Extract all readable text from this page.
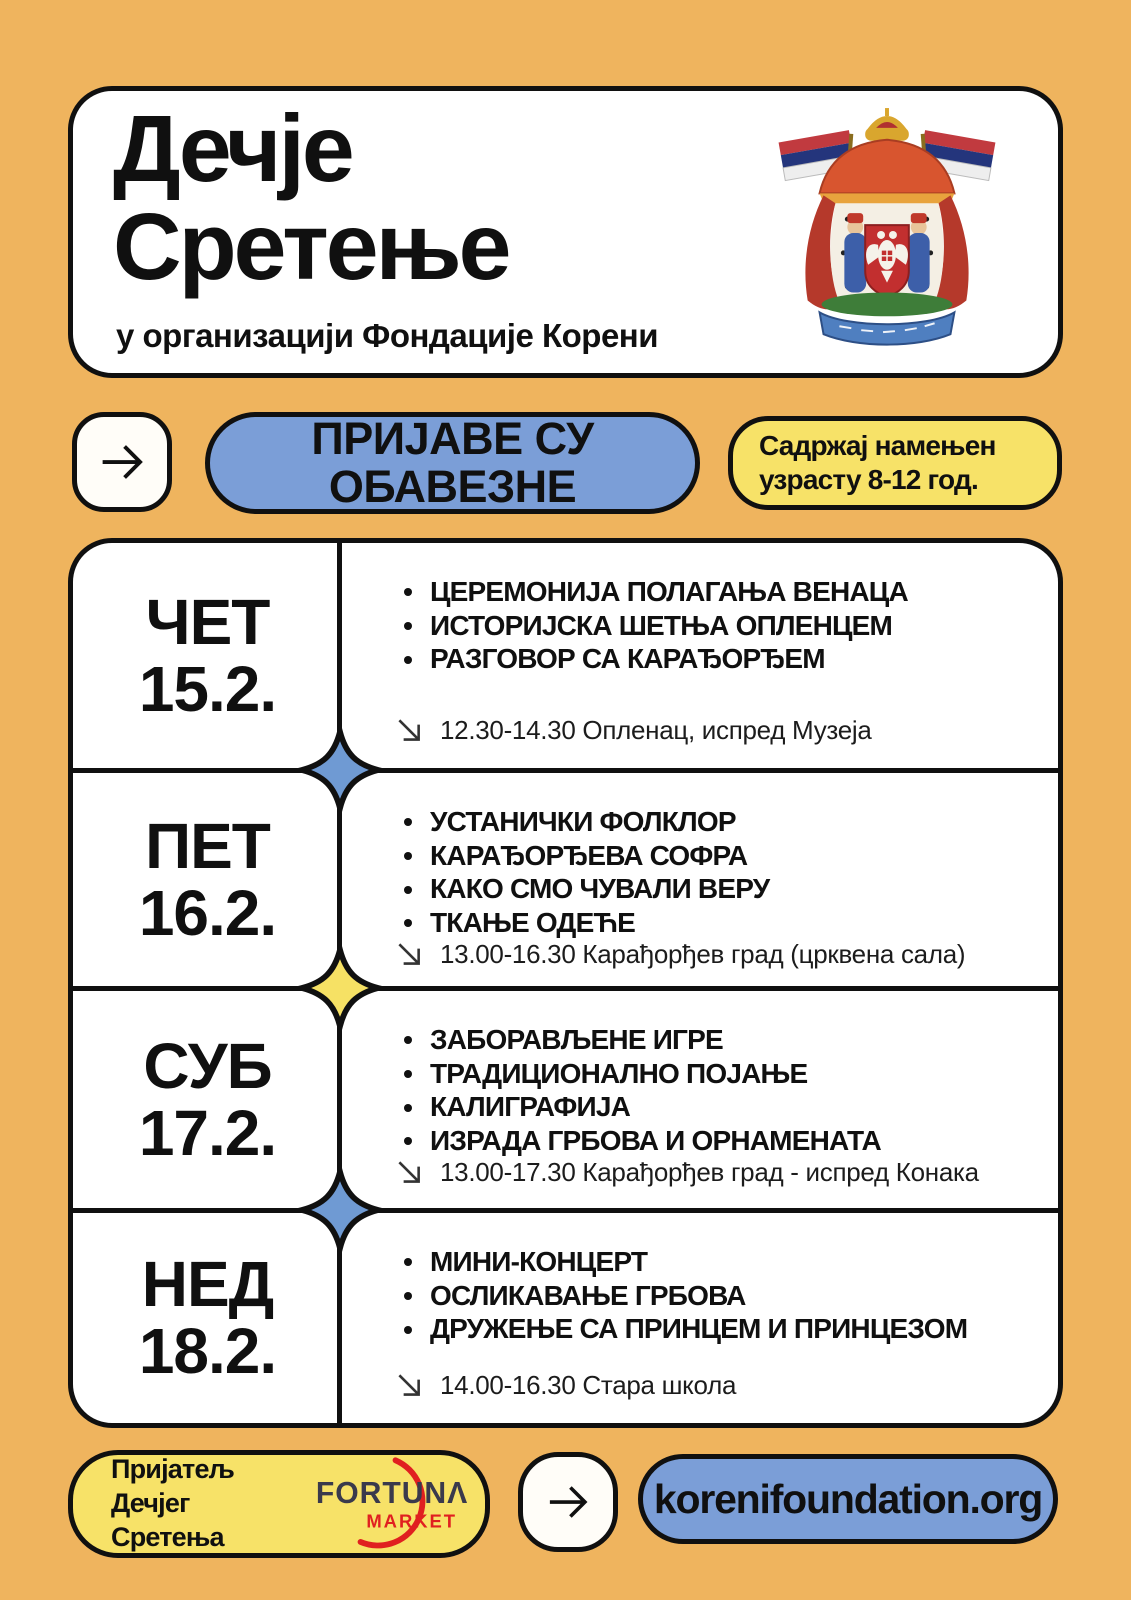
Дечје
Сретење
у организацији Фондације Корени
ПРИЈАВЕ СУ
ОБАВЕЗНЕ
Садржај намењен
узрасту 8-12 год.
ЧЕТ
15.2.
ЦЕРЕМОНИЈА ПОЛАГАЊА ВЕНАЦА
ИСТОРИЈСКА ШЕТЊА ОПЛЕНЦЕМ
РАЗГОВОР СА КАРАЂОРЂЕМ
12.30-14.30 Опленац, испред Музеја
ПЕТ
16.2.
УСТАНИЧКИ ФОЛКЛОР
КАРАЂОРЂЕВА СОФРА
КАКО СМО ЧУВАЛИ ВЕРУ
ТКАЊЕ ОДЕЋЕ
13.00-16.30 Карађорђев град (црквена сала)
СУБ
17.2.
ЗАБОРАВЉЕНЕ ИГРЕ
ТРАДИЦИОНАЛНО ПОЈАЊЕ
КАЛИГРАФИЈА
ИЗРАДА ГРБОВА И ОРНАМЕНАТА
13.00-17.30 Карађорђев град - испред Конака
НЕД
18.2.
МИНИ-КОНЦЕРТ
ОСЛИКАВАЊЕ ГРБОВА
ДРУЖЕЊЕ СА ПРИНЦЕМ И ПРИНЦЕЗОМ
14.00-16.30 Стара школа
Пријатељ
Дечјег Сретења
FORTUNΛ
MARKET	korenifoundation.org
